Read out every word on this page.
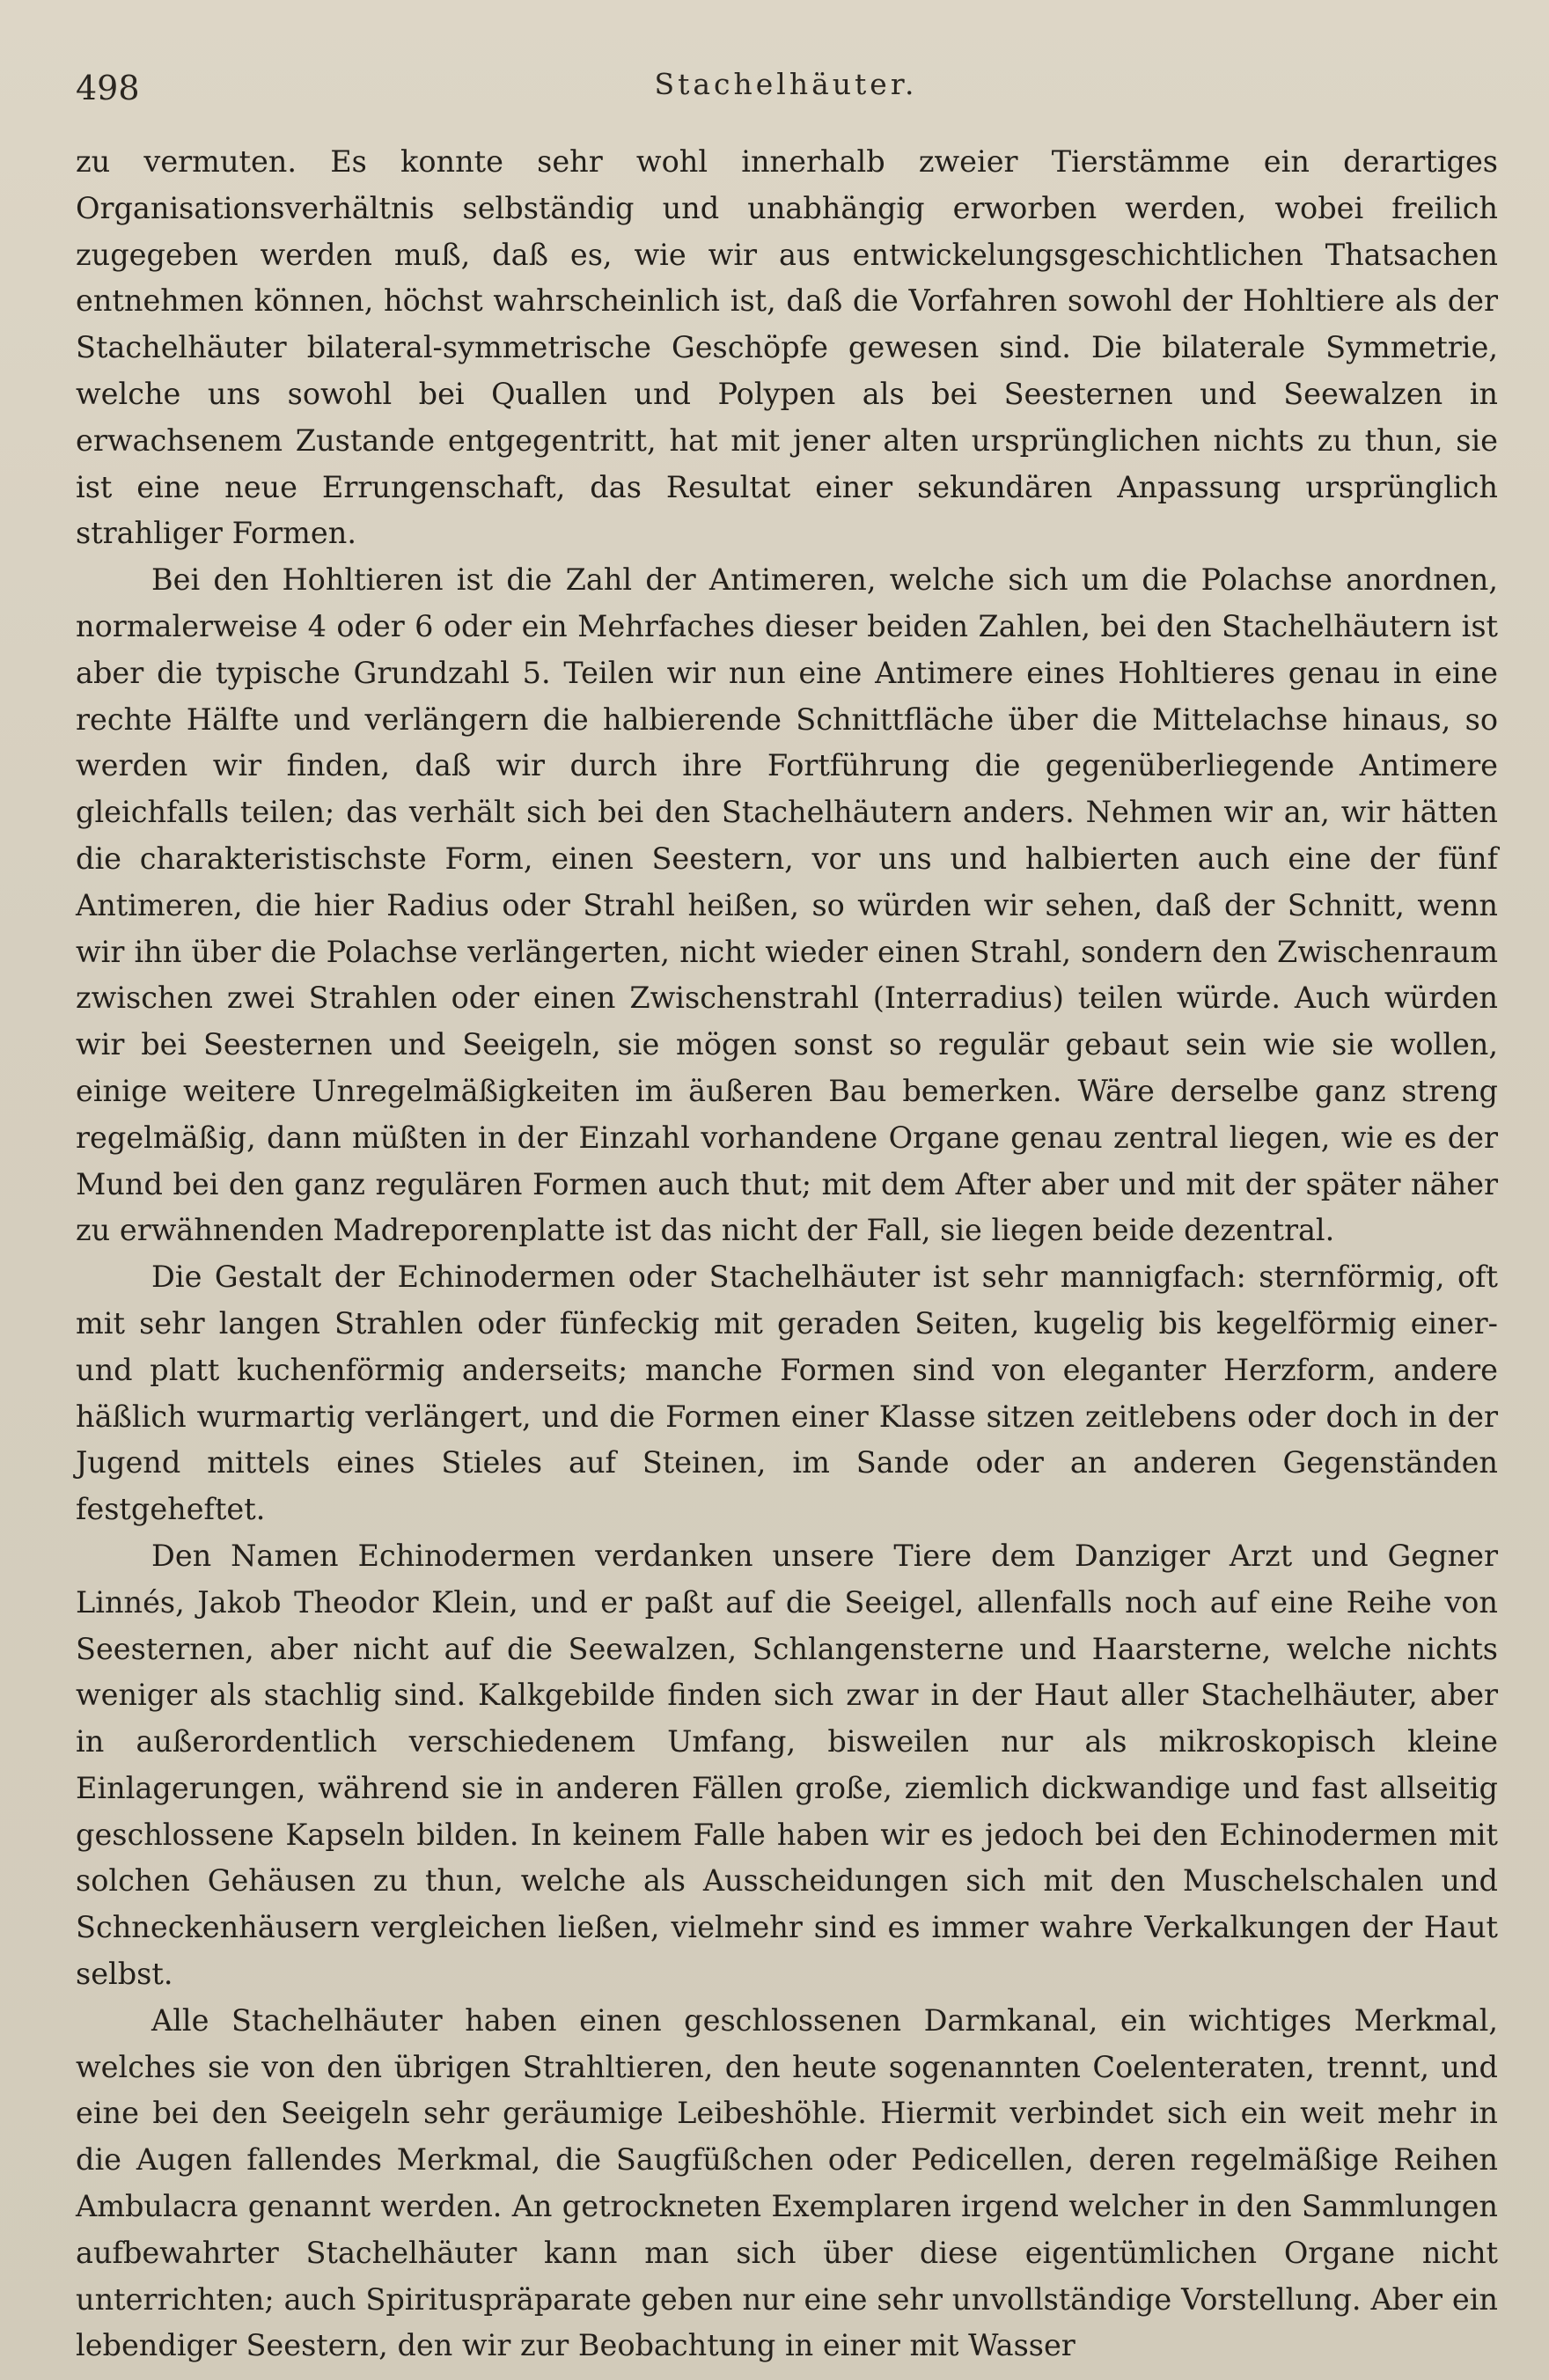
498	Stachelhäuter.

zu vermuten. Es konnte sehr wohl innerhalb zweier Tierstämme ein derartiges Organisationsverhältnis selbständig und unabhängig erworben werden, wobei freilich zugegeben werden muß, daß es, wie wir aus entwickelungsgeschichtlichen Thatsachen entnehmen können, höchst wahrscheinlich ist, daß die Vorfahren sowohl der Hohltiere als der Stachelhäuter bilateral-symmetrische Geschöpfe gewesen sind. Die bilaterale Symmetrie, welche uns sowohl bei Quallen und Polypen als bei Seesternen und Seewalzen in erwachsenem Zustande entgegentritt, hat mit jener alten ursprünglichen nichts zu thun, sie ist eine neue Errungenschaft, das Resultat einer sekundären Anpassung ursprünglich strahliger Formen.

Bei den Hohltieren ist die Zahl der Antimeren, welche sich um die Polachse anordnen, normalerweise 4 oder 6 oder ein Mehrfaches dieser beiden Zahlen, bei den Stachelhäutern ist aber die typische Grundzahl 5. Teilen wir nun eine Antimere eines Hohltieres genau in eine rechte Hälfte und verlängern die halbierende Schnittfläche über die Mittelachse hinaus, so werden wir finden, daß wir durch ihre Fortführung die gegenüberliegende Antimere gleichfalls teilen; das verhält sich bei den Stachelhäutern anders. Nehmen wir an, wir hätten die charakteristischste Form, einen Seestern, vor uns und halbierten auch eine der fünf Antimeren, die hier Radius oder Strahl heißen, so würden wir sehen, daß der Schnitt, wenn wir ihn über die Polachse verlängerten, nicht wieder einen Strahl, sondern den Zwischenraum zwischen zwei Strahlen oder einen Zwischenstrahl (Interradius) teilen würde. Auch würden wir bei Seesternen und Seeigeln, sie mögen sonst so regulär gebaut sein wie sie wollen, einige weitere Unregelmäßigkeiten im äußeren Bau bemerken. Wäre derselbe ganz streng regelmäßig, dann müßten in der Einzahl vorhandene Organe genau zentral liegen, wie es der Mund bei den ganz regulären Formen auch thut; mit dem After aber und mit der später näher zu erwähnenden Madreporenplatte ist das nicht der Fall, sie liegen beide dezentral.

Die Gestalt der Echinodermen oder Stachelhäuter ist sehr mannigfach: sternförmig, oft mit sehr langen Strahlen oder fünfeckig mit geraden Seiten, kugelig bis kegelförmig einer- und platt kuchenförmig anderseits; manche Formen sind von eleganter Herzform, andere häßlich wurmartig verlängert, und die Formen einer Klasse sitzen zeitlebens oder doch in der Jugend mittels eines Stieles auf Steinen, im Sande oder an anderen Gegenständen festgeheftet.

Den Namen Echinodermen verdanken unsere Tiere dem Danziger Arzt und Gegner Linnés, Jakob Theodor Klein, und er paßt auf die Seeigel, allenfalls noch auf eine Reihe von Seesternen, aber nicht auf die Seewalzen, Schlangensterne und Haarsterne, welche nichts weniger als stachlig sind. Kalkgebilde finden sich zwar in der Haut aller Stachelhäuter, aber in außerordentlich verschiedenem Umfang, bisweilen nur als mikroskopisch kleine Einlagerungen, während sie in anderen Fällen große, ziemlich dickwandige und fast allseitig geschlossene Kapseln bilden. In keinem Falle haben wir es jedoch bei den Echinodermen mit solchen Gehäusen zu thun, welche als Ausscheidungen sich mit den Muschelschalen und Schneckenhäusern vergleichen ließen, vielmehr sind es immer wahre Verkalkungen der Haut selbst.

Alle Stachelhäuter haben einen geschlossenen Darmkanal, ein wichtiges Merkmal, welches sie von den übrigen Strahltieren, den heute sogenannten Coelenteraten, trennt, und eine bei den Seeigeln sehr geräumige Leibeshöhle. Hiermit verbindet sich ein weit mehr in die Augen fallendes Merkmal, die Saugfüßchen oder Pedicellen, deren regelmäßige Reihen Ambulacra genannt werden. An getrockneten Exemplaren irgend welcher in den Sammlungen aufbewahrter Stachelhäuter kann man sich über diese eigentümlichen Organe nicht unterrichten; auch Spirituspräparate geben nur eine sehr unvollständige Vorstellung. Aber ein lebendiger Seestern, den wir zur Beobachtung in einer mit Wasser
